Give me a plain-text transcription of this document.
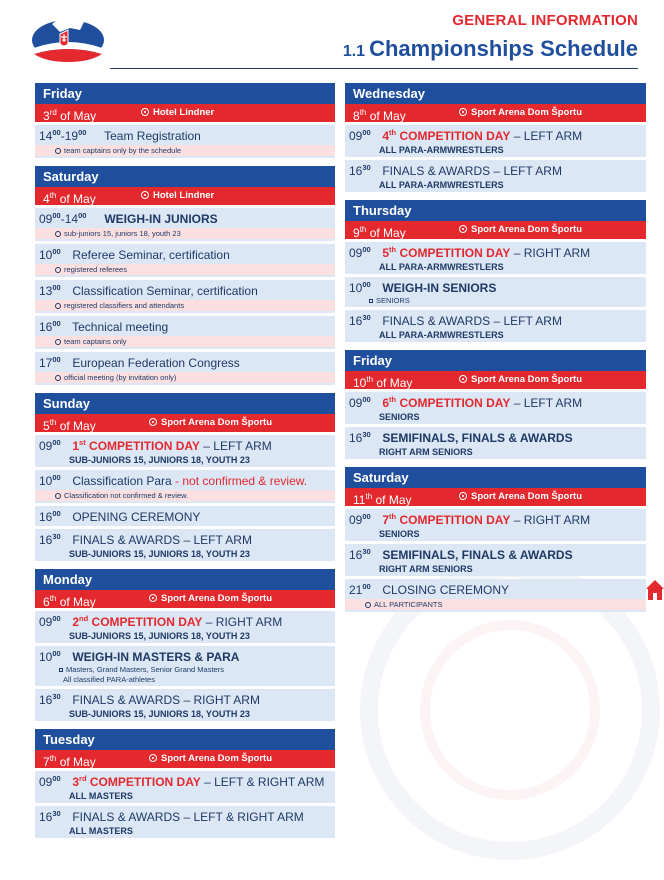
GENERAL INFORMATION
1.1 Championships Schedule
Friday
3rd of May	Hotel Lindner
$14^{00}-19^{00}$ Team Registration
team captains only by the schedule
Saturday
4th of May	Hotel Lindner
$09^{00}-14^{00}$ WEIGH-IN JUNIORS
sub-juniors 15, juniors 18, youth 23
$10^{00}$ Referee Seminar, certification
registered referees
$13^{00}$ Classification Seminar, certification
registered classifiers and attendants
$16^{00}$ Technical meeting
team captains only
$17^{00}$ European Federation Congress
official meeting (by invitation only)
Sunday
5th of May	Sport Arena Dom Športu
$09^{00}$ 1st COMPETITION DAY – LEFT ARM
SUB-JUNIORS 15, JUNIORS 18, YOUTH 23
$10^{00}$ Classification Para - not confirmed & review.
Classification not confirmed & review.
$16^{00}$ OPENING CEREMONY
$16^{30}$ FINALS & AWARDS – LEFT ARM
SUB-JUNIORS 15, JUNIORS 18, YOUTH 23
Monday
6th of May	Sport Arena Dom Športu
$09^{00}$ 2nd COMPETITION DAY – RIGHT ARM
SUB-JUNIORS 15, JUNIORS 18, YOUTH 23
$10^{00}$ WEIGH-IN MASTERS & PARA
Masters, Grand Masters, Senior Grand Masters
All classified PARA-athletes
$16^{30}$ FINALS & AWARDS – RIGHT ARM
SUB-JUNIORS 15, JUNIORS 18, YOUTH 23
Tuesday
7th of May	Sport Arena Dom Športu
$09^{00}$ 3rd COMPETITION DAY – LEFT & RIGHT ARM
ALL MASTERS
$16^{30}$ FINALS & AWARDS – LEFT & RIGHT ARM
ALL MASTERS
Wednesday
8th of May	Sport Arena Dom Športu
$09^{00}$ 4th COMPETITION DAY – LEFT ARM
ALL PARA-ARMWRESTLERS
$16^{30}$ FINALS & AWARDS – LEFT ARM
ALL PARA-ARMWRESTLERS
Thursday
9th of May	Sport Arena Dom Športu
$09^{00}$ 5th COMPETITION DAY – RIGHT ARM
ALL PARA-ARMWRESTLERS
$10^{00}$ WEIGH-IN SENIORS
SENIORS
$16^{30}$ FINALS & AWARDS – LEFT ARM
ALL PARA-ARMWRESTLERS
Friday
10th of May	Sport Arena Dom Športu
$09^{00}$ 6th COMPETITION DAY – LEFT ARM
SENIORS
$16^{30}$ SEMIFINALS, FINALS & AWARDS
RIGHT ARM SENIORS
Saturday
11th of May	Sport Arena Dom Športu
$09^{00}$ 7th COMPETITION DAY – RIGHT ARM
SENIORS
$16^{30}$ SEMIFINALS, FINALS & AWARDS
RIGHT ARM SENIORS
$21^{00}$ CLOSING CEREMONY
ALL PARTICIPANTS
